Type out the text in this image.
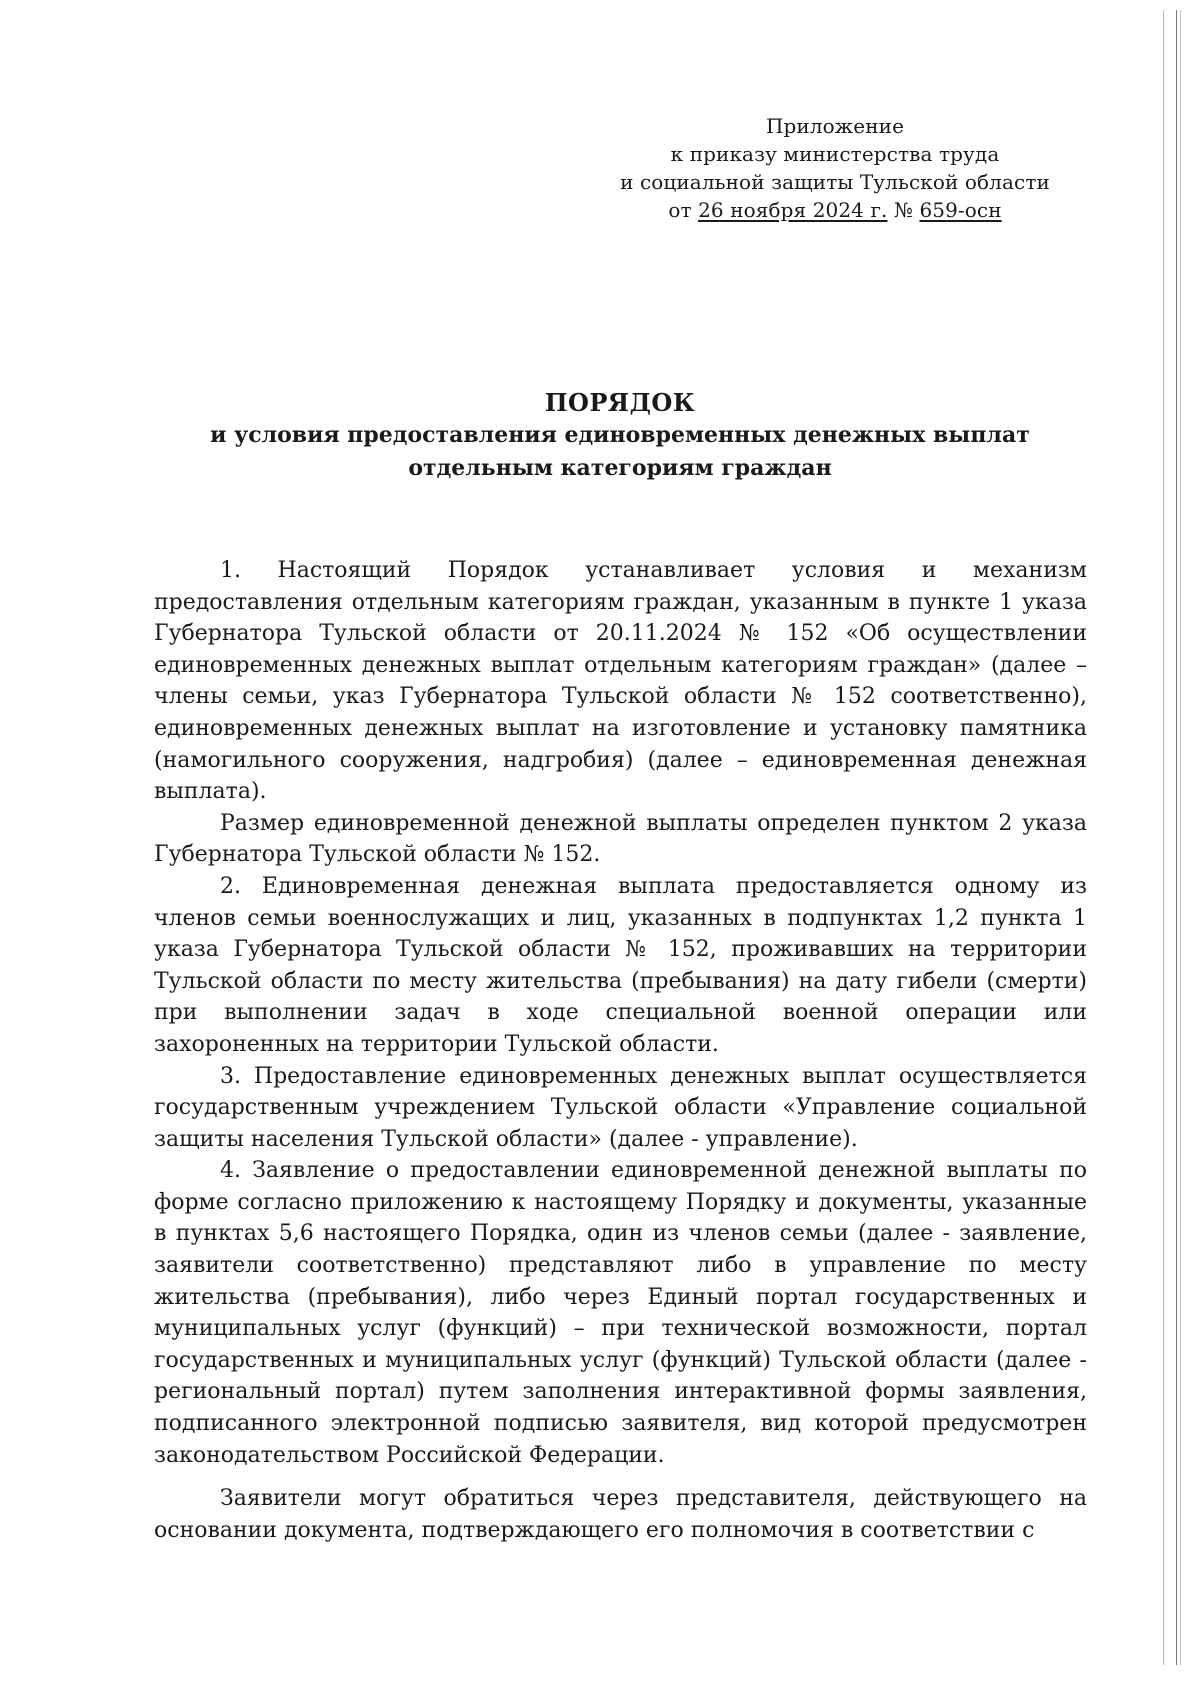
Приложение
к приказу министерства труда
и социальной защиты Тульской области
от 26 ноября 2024 г. № 659-осн
ПОРЯДОК
и условия предоставления единовременных денежных выплат
отдельным категориям граждан

1. Настоящий Порядок устанавливает условия и механизм предоставления отдельным категориям граждан, указанным в пункте 1 указа Губернатора Тульской области от 20.11.2024 № 152 «Об осуществлении единовременных денежных выплат отдельным категориям граждан» (далее – члены семьи, указ Губернатора Тульской области № 152 соответственно), единовременных денежных выплат на изготовление и установку памятника (намогильного сооружения, надгробия) (далее – единовременная денежная выплата).

Размер единовременной денежной выплаты определен пунктом 2 указа Губернатора Тульской области № 152.

2. Единовременная денежная выплата предоставляется одному из членов семьи военнослужащих и лиц, указанных в подпунктах 1,2 пункта 1 указа Губернатора Тульской области № 152, проживавших на территории Тульской области по месту жительства (пребывания) на дату гибели (смерти) при выполнении задач в ходе специальной военной операции или захороненных на территории Тульской области.

3. Предоставление единовременных денежных выплат осуществляется государственным учреждением Тульской области «Управление социальной защиты населения Тульской области» (далее - управление).

4. Заявление о предоставлении единовременной денежной выплаты по форме согласно приложению к настоящему Порядку и документы, указанные в пунктах 5,6 настоящего Порядка, один из членов семьи (далее - заявление, заявители соответственно) представляют либо в управление по месту жительства (пребывания), либо через Единый портал государственных и муниципальных услуг (функций) – при технической возможности, портал государственных и муниципальных услуг (функций) Тульской области (далее - региональный портал) путем заполнения интерактивной формы заявления, подписанного электронной подписью заявителя, вид которой предусмотрен законодательством Российской Федерации.

Заявители могут обратиться через представителя, действующего на основании документа, подтверждающего его полномочия в соответствии с
